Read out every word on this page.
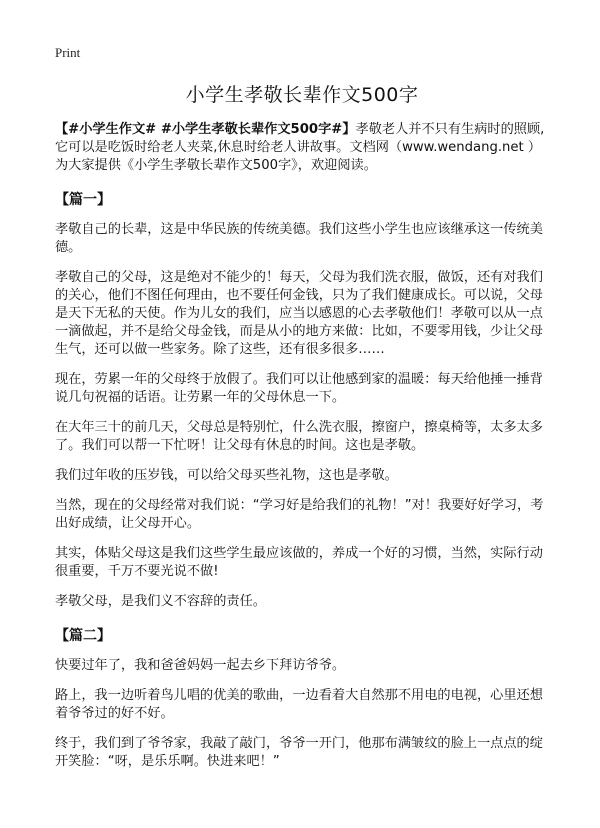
Print
小学生孝敬长辈作文500字

【#小学生作文# #小学生孝敬长辈作文500字#】孝敬老人并不只有生病时的照顾,它可以是吃饭时给老人夹菜,休息时给老人讲故事。文档网（www.wendang.net ）为大家提供《小学生孝敬长辈作文500字》，欢迎阅读。

【篇一】

孝敬自己的长辈，这是中华民族的传统美德。我们这些小学生也应该继承这一传统美德。

孝敬自己的父母，这是绝对不能少的！每天，父母为我们洗衣服，做饭，还有对我们的关心，他们不图任何理由，也不要任何金钱，只为了我们健康成长。可以说，父母是天下无私的天使。作为儿女的我们，应当以感恩的心去孝敬他们！孝敬可以从一点一滴做起，并不是给父母金钱，而是从小的地方来做：比如，不要零用钱，少让父母生气，还可以做一些家务。除了这些，还有很多很多……

现在，劳累一年的父母终于放假了。我们可以让他感到家的温暖：每天给他捶一捶背说几句祝福的话语。让劳累一年的父母休息一下。

在大年三十的前几天，父母总是特别忙，什么洗衣服，擦窗户，擦桌椅等，太多太多了。我们可以帮一下忙呀！让父母有休息的时间。这也是孝敬。

我们过年收的压岁钱，可以给父母买些礼物，这也是孝敬。

当然，现在的父母经常对我们说：“学习好是给我们的礼物！”对！我要好好学习，考出好成绩，让父母开心。

其实，体贴父母这是我们这些学生最应该做的，养成一个好的习惯，当然，实际行动很重要，千万不要光说不做!

孝敬父母，是我们义不容辞的责任。

【篇二】

快要过年了，我和爸爸妈妈一起去乡下拜访爷爷。

路上，我一边听着鸟儿唱的优美的歌曲，一边看着大自然那不用电的电视，心里还想着爷爷过的好不好。

终于，我们到了爷爷家，我敲了敲门，爷爷一开门，他那布满皱纹的脸上一点点的绽开笑脸：“呀，是乐乐啊。快进来吧！”
